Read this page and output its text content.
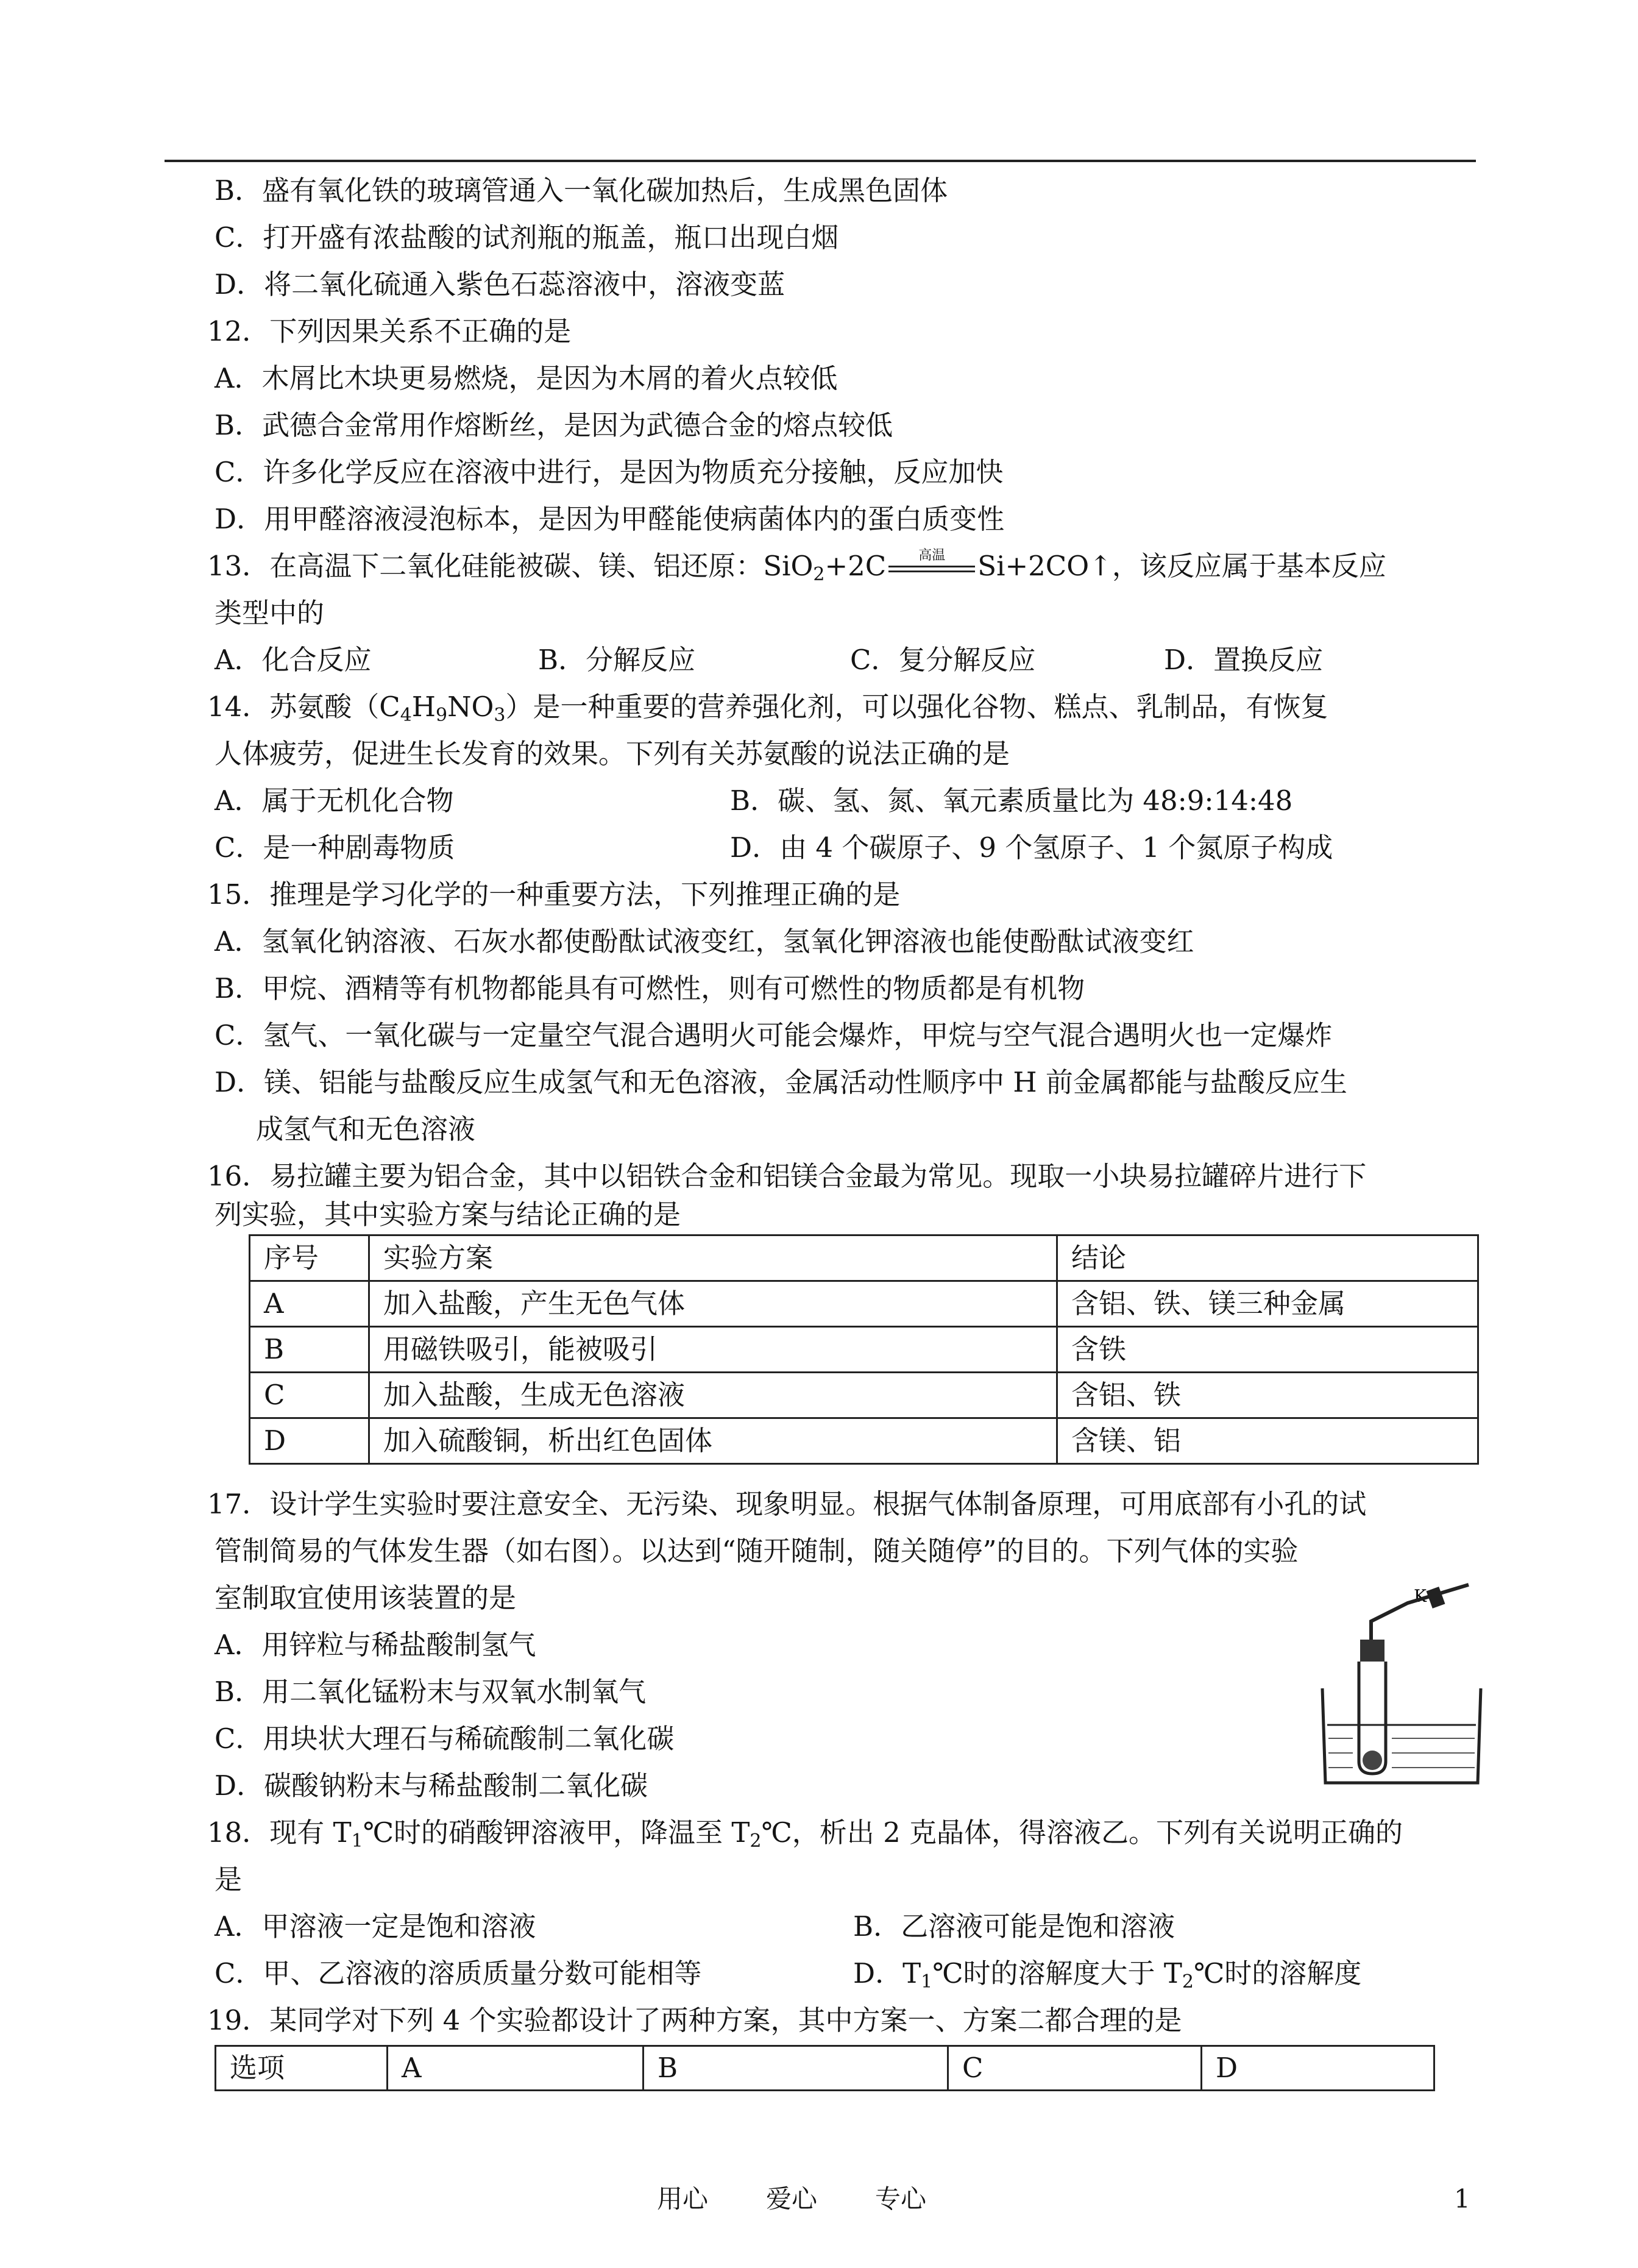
B．盛有氧化铁的玻璃管通入一氧化碳加热后，生成黑色固体
C．打开盛有浓盐酸的试剂瓶的瓶盖，瓶口出现白烟
D．将二氧化硫通入紫色石蕊溶液中，溶液变蓝
12．下列因果关系不正确的是
A．木屑比木块更易燃烧，是因为木屑的着火点较低
B．武德合金常用作熔断丝，是因为武德合金的熔点较低
C．许多化学反应在溶液中进行，是因为物质充分接触，反应加快
D．用甲醛溶液浸泡标本，是因为甲醛能使病菌体内的蛋白质变性
13．在高温下二氧化硅能被碳、镁、铝还原：SiO$_2$+2C	高温	Si+2CO↑，该反应属于基本反应
类型中的
A．化合反应	B．分解反应	C．复分解反应	D．置换反应
14．苏氨酸$(C_4H_9NO_3)$是一种重要的营养强化剂，可以强化谷物、糕点、乳制品，有恢复
人体疲劳，促进生长发育的效果。下列有关苏氨酸的说法正确的是
A．属于无机化合物	B．碳、氢、氮、氧元素质量比为 48:9:14:48
C．是一种剧毒物质	D．由 4 个碳原子、9 个氢原子、1 个氮原子构成
15．推理是学习化学的一种重要方法，下列推理正确的是
A．氢氧化钠溶液、石灰水都使酚酞试液变红，氢氧化钾溶液也能使酚酞试液变红
B．甲烷、酒精等有机物都能具有可燃性，则有可燃性的物质都是有机物
C．氢气、一氧化碳与一定量空气混合遇明火可能会爆炸，甲烷与空气混合遇明火也一定爆炸
D．镁、铝能与盐酸反应生成氢气和无色溶液，金属活动性顺序中 H 前金属都能与盐酸反应生
成氢气和无色溶液
16．易拉罐主要为铝合金，其中以铝铁合金和铝镁合金最为常见。现取一小块易拉罐碎片进行下
列实验，其中实验方案与结论正确的是
序号	实验方案	结论
A	加入盐酸，产生无色气体	含铝、铁、镁三种金属
B	用磁铁吸引，能被吸引	含铁
C	加入盐酸，生成无色溶液	含铝、铁
D	加入硫酸铜，析出红色固体	含镁、铝
17．设计学生实验时要注意安全、无污染、现象明显。根据气体制备原理，可用底部有小孔的试
管制简易的气体发生器（如右图）。以达到“随开随制，随关随停”的目的。下列气体的实验
室制取宜使用该装置的是
A．用锌粒与稀盐酸制氢气
B．用二氧化锰粉末与双氧水制氧气
C．用块状大理石与稀硫酸制二氧化碳
D．碳酸钠粉末与稀盐酸制二氧化碳
K
18．现有 $T_1℃$时的硝酸钾溶液甲，降温至 $T_2℃$，析出 2 克晶体，得溶液乙。下列有关说明正确的
是
A．甲溶液一定是饱和溶液	B．乙溶液可能是饱和溶液
C．甲、乙溶液的溶质质量分数可能相等	D．$T_1℃$时的溶解度大于 $T_2℃$时的溶解度
19．某同学对下列 4 个实验都设计了两种方案，其中方案一、方案二都合理的是
选项	A	B	C	D
用心 爱心 专心	1
